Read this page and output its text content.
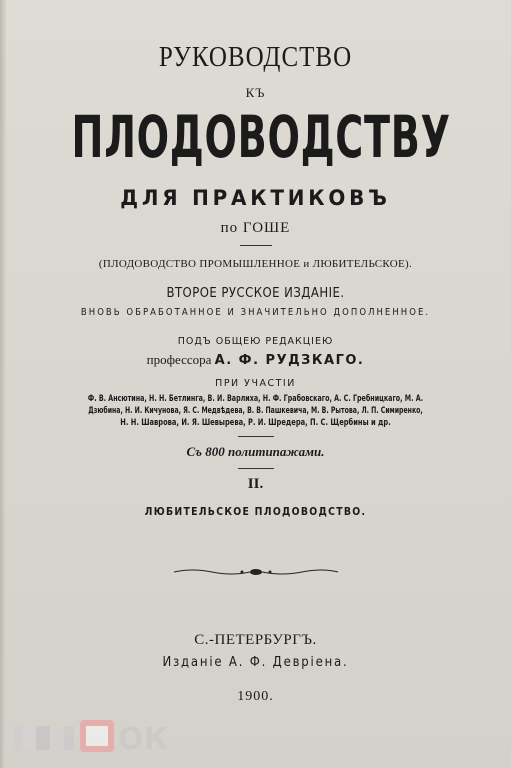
РУКОВОДСТВО
КЪ
ПЛОДОВОДСТВУ
ДЛЯ ПРАКТИКОВЪ
по ГОШЕ
(ПЛОДОВОДСТВО ПРОМЫШЛЕННОЕ и ЛЮБИТЕЛЬСКОЕ).
ВТОРОЕ РУССКОЕ ИЗДАНІЕ.
ВНОВЬ ОБРАБОТАННОЕ И ЗНАЧИТЕЛЬНО ДОПОЛНЕННОЕ.
ПОДЪ ОБЩЕЮ РЕДАКЦІЕЮ
профессора А. Ф. РУДЗКАГО.
ПРИ УЧАСТІИ
Ф. В. Ансютина, Н. Н. Бетлинга, В. И. Варлиха, Н. Ф. Грабовскаго, А. С. Гребницкаго, М. А.
Дзюбина, Н. И. Кичунова, Я. С. Медвѣдева, В. В. Пашкевича, М. В. Рытова, Л. П. Симиренко,
Н. Н. Шаврова, И. Я. Шевырева, Р. И. Шредера, П. С. Щербины и др.
Съ 800 политипажами.
II.
ЛЮБИТЕЛЬСКОЕ ПЛОДОВОДСТВО.
С.-ПЕТЕРБУРГЪ.
Изданіе А. Ф. Девріена.
1900.
ОК
